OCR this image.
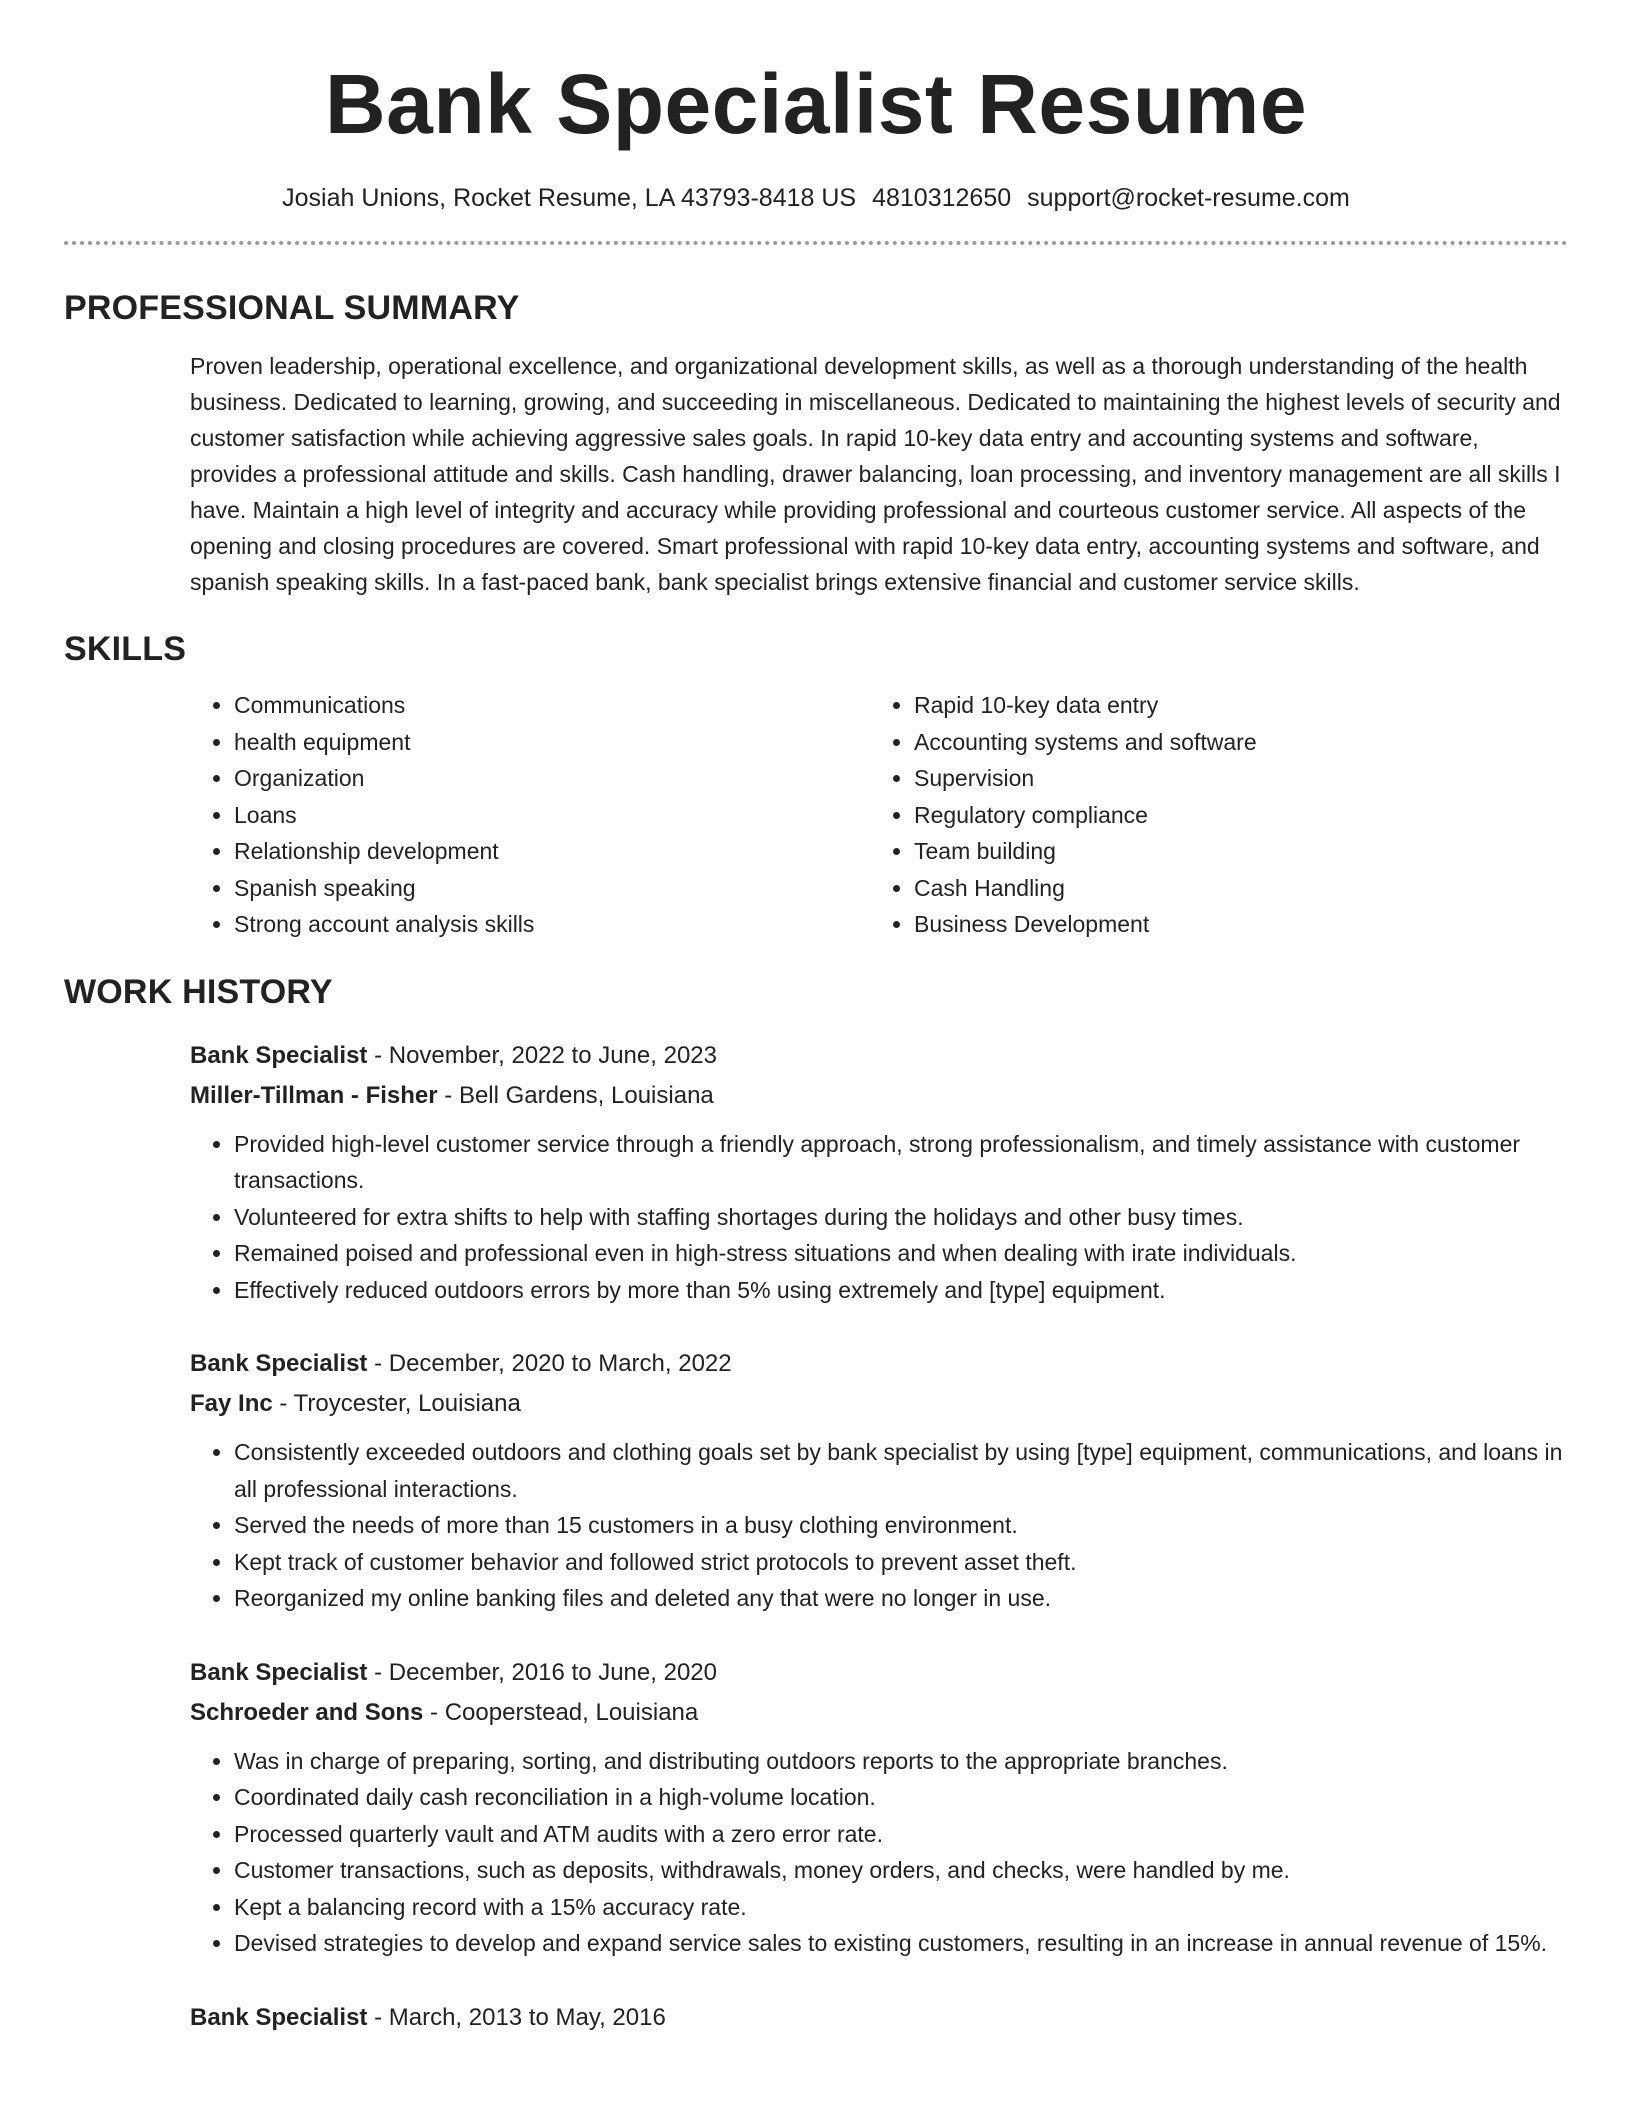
Bank Specialist Resume
Josiah Unions, Rocket Resume, LA 43793-8418 US 4810312650 support@rocket-resume.com
PROFESSIONAL SUMMARY
Proven leadership, operational excellence, and organizational development skills, as well as a thorough understanding of the health business. Dedicated to learning, growing, and succeeding in miscellaneous. Dedicated to maintaining the highest levels of security and customer satisfaction while achieving aggressive sales goals. In rapid 10-key data entry and accounting systems and software, provides a professional attitude and skills. Cash handling, drawer balancing, loan processing, and inventory management are all skills I have. Maintain a high level of integrity and accuracy while providing professional and courteous customer service. All aspects of the opening and closing procedures are covered. Smart professional with rapid 10-key data entry, accounting systems and software, and spanish speaking skills. In a fast-paced bank, bank specialist brings extensive financial and customer service skills.
SKILLS
• Communications
• health equipment
• Organization
• Loans
• Relationship development
• Spanish speaking
• Strong account analysis skills
• Rapid 10-key data entry
• Accounting systems and software
• Supervision
• Regulatory compliance
• Team building
• Cash Handling
• Business Development
WORK HISTORY
Bank Specialist - November, 2022 to June, 2023
Miller-Tillman - Fisher - Bell Gardens, Louisiana
• Provided high-level customer service through a friendly approach, strong professionalism, and timely assistance with customer transactions.
• Volunteered for extra shifts to help with staffing shortages during the holidays and other busy times.
• Remained poised and professional even in high-stress situations and when dealing with irate individuals.
• Effectively reduced outdoors errors by more than 5% using extremely and [type] equipment.
Bank Specialist - December, 2020 to March, 2022
Fay Inc - Troycester, Louisiana
• Consistently exceeded outdoors and clothing goals set by bank specialist by using [type] equipment, communications, and loans in all professional interactions.
• Served the needs of more than 15 customers in a busy clothing environment.
• Kept track of customer behavior and followed strict protocols to prevent asset theft.
• Reorganized my online banking files and deleted any that were no longer in use.
Bank Specialist - December, 2016 to June, 2020
Schroeder and Sons - Cooperstead, Louisiana
• Was in charge of preparing, sorting, and distributing outdoors reports to the appropriate branches.
• Coordinated daily cash reconciliation in a high-volume location.
• Processed quarterly vault and ATM audits with a zero error rate.
• Customer transactions, such as deposits, withdrawals, money orders, and checks, were handled by me.
• Kept a balancing record with a 15% accuracy rate.
• Devised strategies to develop and expand service sales to existing customers, resulting in an increase in annual revenue of 15%.
Bank Specialist - March, 2013 to May, 2016
